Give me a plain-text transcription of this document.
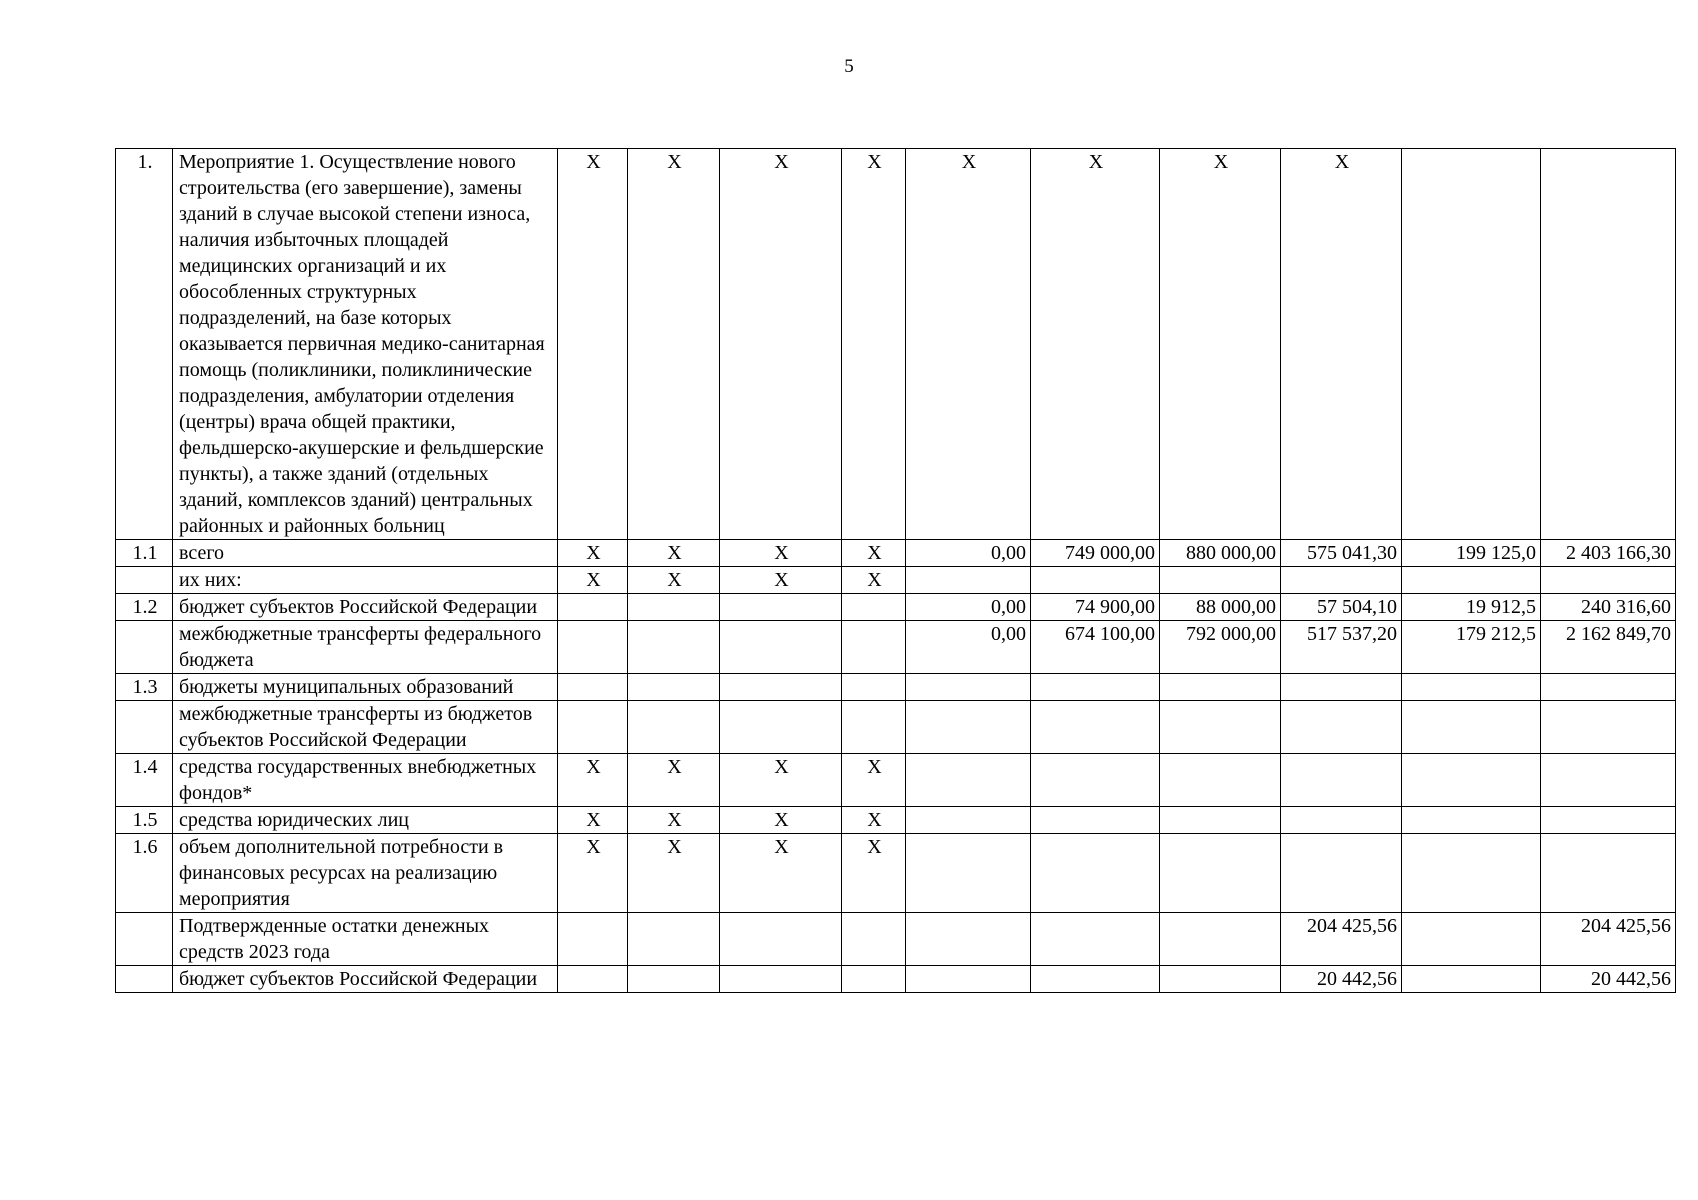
5
1.	Мероприятие 1. Осуществление нового строительства (его завершение), замены зданий в случае высокой степени износа, наличия избыточных площадей медицинских организаций и их обособленных структурных подразделений, на базе которых оказывается первичная медико-санитарная помощь (поликлиники, поликлинические подразделения, амбулатории отделения (центры) врача общей практики, фельдшерско-акушерские и фельдшерские пункты), а также зданий (отдельных зданий, комплексов зданий) центральных районных и районных больниц	X	X	X	X	X	X	X	X		
1.1	всего	X	X	X	X	0,00	749 000,00	880 000,00	575 041,30	199 125,0	2 403 166,30
	их них:	X	X	X	X						
1.2	бюджет субъектов Российской Федерации					0,00	74 900,00	88 000,00	57 504,10	19 912,5	240 316,60
	межбюджетные трансферты федерального бюджета					0,00	674 100,00	792 000,00	517 537,20	179 212,5	2 162 849,70
1.3	бюджеты муниципальных образований										
	межбюджетные трансферты из бюджетов субъектов Российской Федерации										
1.4	средства государственных внебюджетных фондов*	X	X	X	X						
1.5	средства юридических лиц	X	X	X	X						
1.6	объем дополнительной потребности в финансовых ресурсах на реализацию мероприятия	X	X	X	X						
	Подтвержденные остатки денежных средств 2023 года								204 425,56		204 425,56
	бюджет субъектов Российской Федерации								20 442,56		20 442,56
